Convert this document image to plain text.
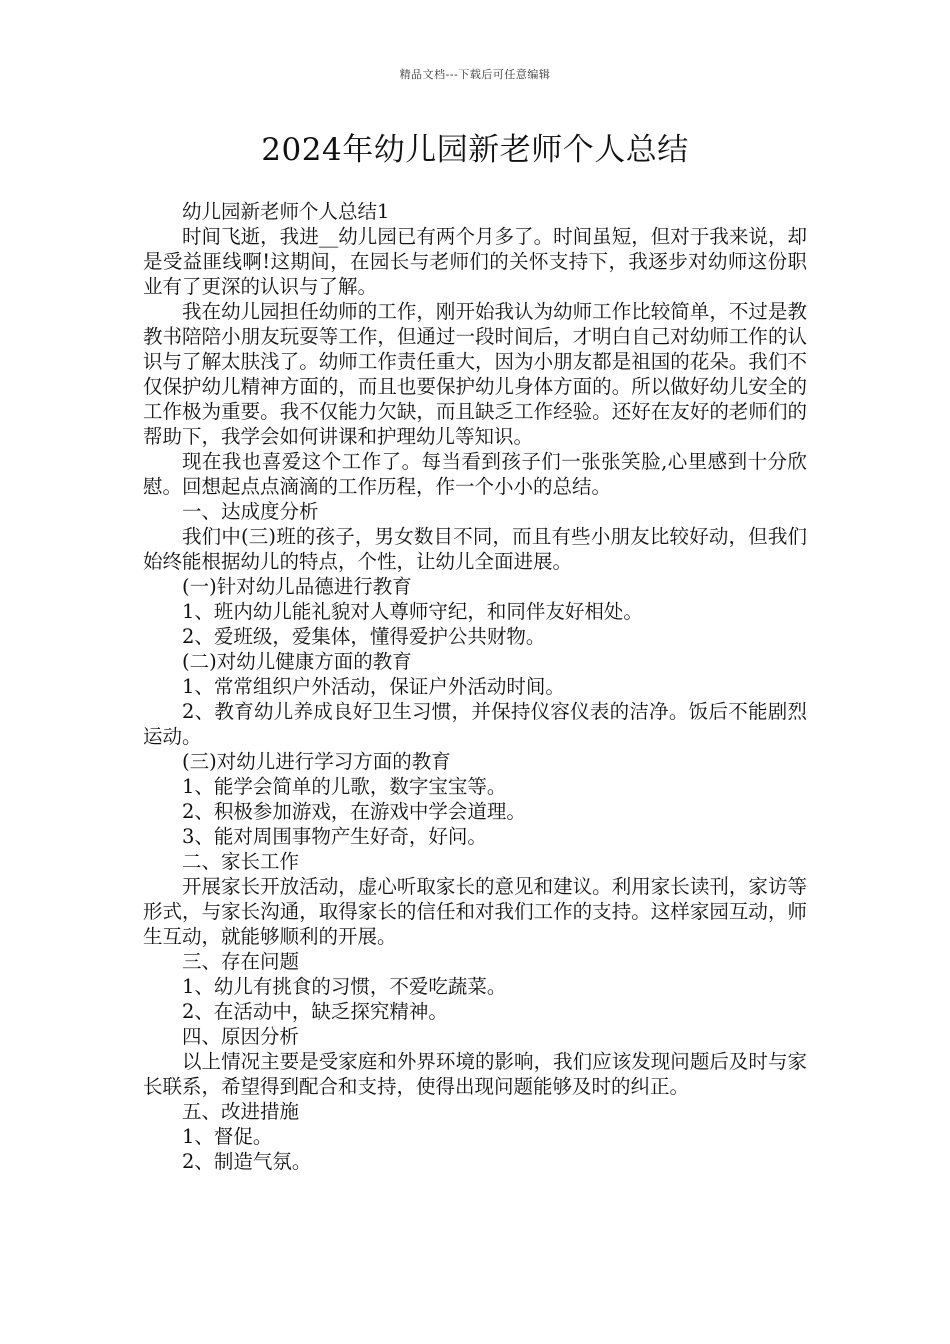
精品文档---下载后可任意编辑
2024年幼儿园新老师个人总结

幼儿园新老师个人总结1

时间飞逝，我进__幼儿园已有两个月多了。时间虽短，但对于我来说，却是受益匪线啊!这期间，在园长与老师们的关怀支持下，我逐步对幼师这份职业有了更深的认识与了解。

我在幼儿园担任幼师的工作，刚开始我认为幼师工作比较简单，不过是教教书陪陪小朋友玩耍等工作，但通过一段时间后，才明白自己对幼师工作的认识与了解太肤浅了。幼师工作责任重大，因为小朋友都是祖国的花朵。我们不仅保护幼儿精神方面的，而且也要保护幼儿身体方面的。所以做好幼儿安全的工作极为重要。我不仅能力欠缺，而且缺乏工作经验。还好在友好的老师们的帮助下，我学会如何讲课和护理幼儿等知识。

现在我也喜爱这个工作了。每当看到孩子们一张张笑脸,心里感到十分欣慰。回想起点点滴滴的工作历程，作一个小小的总结。

一、达成度分析

我们中(三)班的孩子，男女数目不同，而且有些小朋友比较好动，但我们始终能根据幼儿的特点，个性，让幼儿全面进展。

(一)针对幼儿品德进行教育

1、班内幼儿能礼貌对人尊师守纪，和同伴友好相处。

2、爱班级，爱集体，懂得爱护公共财物。

(二)对幼儿健康方面的教育

1、常常组织户外活动，保证户外活动时间。

2、教育幼儿养成良好卫生习惯，并保持仪容仪表的洁净。饭后不能剧烈运动。

(三)对幼儿进行学习方面的教育

1、能学会简单的儿歌，数字宝宝等。

2、积极参加游戏，在游戏中学会道理。

3、能对周围事物产生好奇，好问。

二、家长工作

开展家长开放活动，虚心听取家长的意见和建议。利用家长读刊，家访等形式，与家长沟通，取得家长的信任和对我们工作的支持。这样家园互动，师生互动，就能够顺利的开展。

三、存在问题

1、幼儿有挑食的习惯，不爱吃蔬菜。

2、在活动中，缺乏探究精神。

四、原因分析

以上情况主要是受家庭和外界环境的影响，我们应该发现问题后及时与家长联系，希望得到配合和支持，使得出现问题能够及时的纠正。

五、改进措施

1、督促。

2、制造气氛。
